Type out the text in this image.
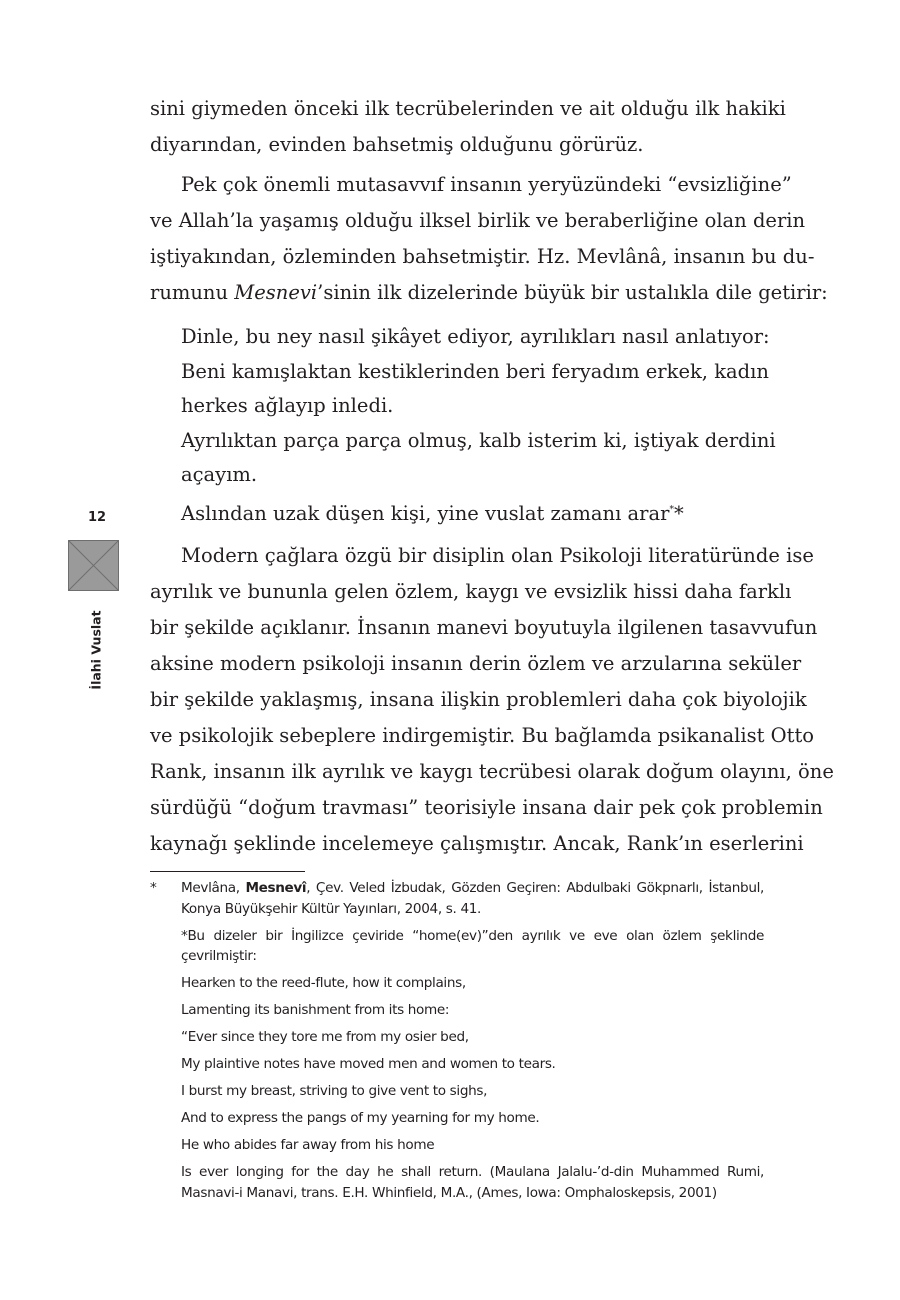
sini giymeden önceki ilk tecrübelerinden ve ait olduğu ilk hakiki
diyarından, evinden bahsetmiş olduğunu görürüz.
Pek çok önemli mutasavvıf insanın yeryüzündeki “evsizliğine”
ve Allah’la yaşamış olduğu ilksel birlik ve beraberliğine olan derin
iştiyakından, özleminden bahsetmiştir. Hz. Mevlânâ, insanın bu du-
rumunu Mesnevi’sinin ilk dizelerinde büyük bir ustalıkla dile getirir:
Dinle, bu ney nasıl şikâyet ediyor, ayrılıkları nasıl anlatıyor:
Beni kamışlaktan kestiklerinden beri feryadım erkek, kadın
herkes ağlayıp inledi.
Ayrılıktan parça parça olmuş, kalb isterim ki, iştiyak derdini
açayım.
Aslından uzak düşen kişi, yine vuslat zamanı arar**
Modern çağlara özgü bir disiplin olan Psikoloji literatüründe ise
ayrılık ve bununla gelen özlem, kaygı ve evsizlik hissi daha farklı
bir şekilde açıklanır. İnsanın manevi boyutuyla ilgilenen tasavvufun
aksine modern psikoloji insanın derin özlem ve arzularına seküler
bir şekilde yaklaşmış, insana ilişkin problemleri daha çok biyolojik
ve psikolojik sebeplere indirgemiştir. Bu bağlamda psikanalist Otto
Rank, insanın ilk ayrılık ve kaygı tecrübesi olarak doğum olayını, öne
sürdüğü “doğum travması” teorisiyle insana dair pek çok problemin
kaynağı şeklinde incelemeye çalışmıştır. Ancak, Rank’ın eserlerini
12
İlahi Vuslat
* Mevlâna, Mesnevî, Çev. Veled İzbudak, Gözden Geçiren: Abdulbaki Gökpnarlı, İstanbul,
Konya Büyükşehir Kültür Yayınları, 2004, s. 41.
*Bu dizeler bir İngilizce çeviride “home(ev)”den ayrılık ve eve olan özlem şeklinde
çevrilmiştir:
Hearken to the reed-flute, how it complains,
Lamenting its banishment from its home:
“Ever since they tore me from my osier bed,
My plaintive notes have moved men and women to tears.
I burst my breast, striving to give vent to sighs,
And to express the pangs of my yearning for my home.
He who abides far away from his home
Is ever longing for the day he shall return. (Maulana Jalalu-’d-din Muhammed Rumi,
Masnavi-i Manavi, trans. E.H. Whinfield, M.A., (Ames, Iowa: Omphaloskepsis, 2001)
